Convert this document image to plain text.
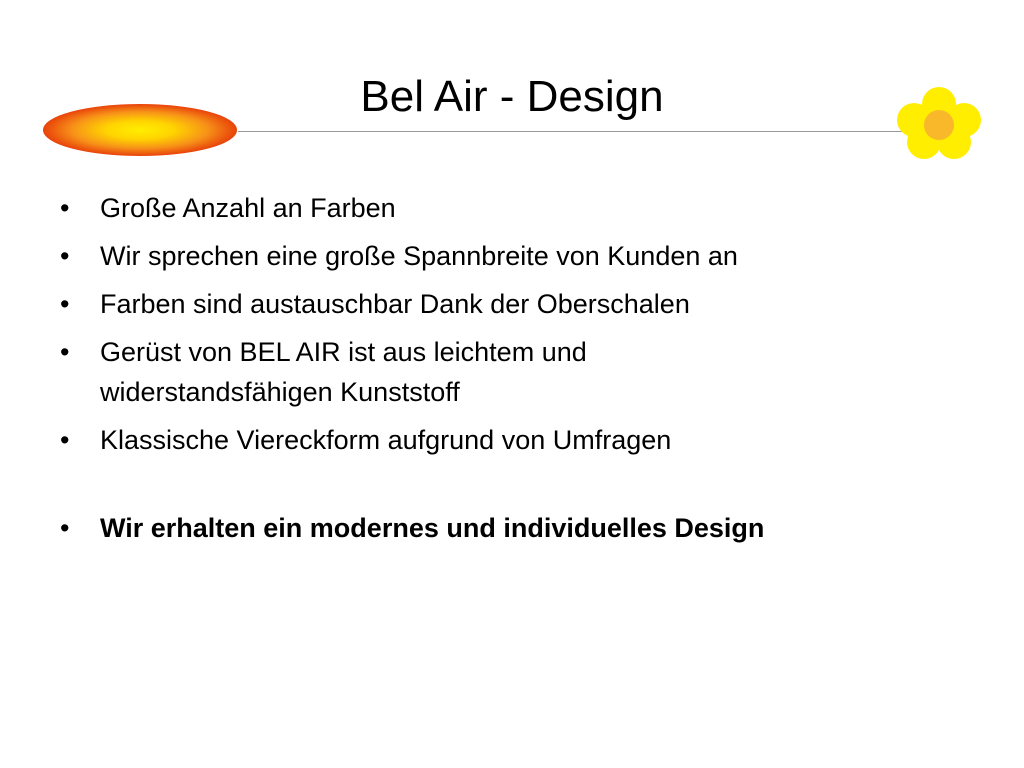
Bel Air - Design
•	Große Anzahl an Farben
•	Wir sprechen eine große Spannbreite von Kunden an
•	Farben sind austauschbar Dank der Oberschalen
•	Gerüst von BEL AIR ist aus leichtem und widerstandsfähigen Kunststoff
•	Klassische Viereckform aufgrund von Umfragen
•	Wir erhalten ein modernes und individuelles Design
